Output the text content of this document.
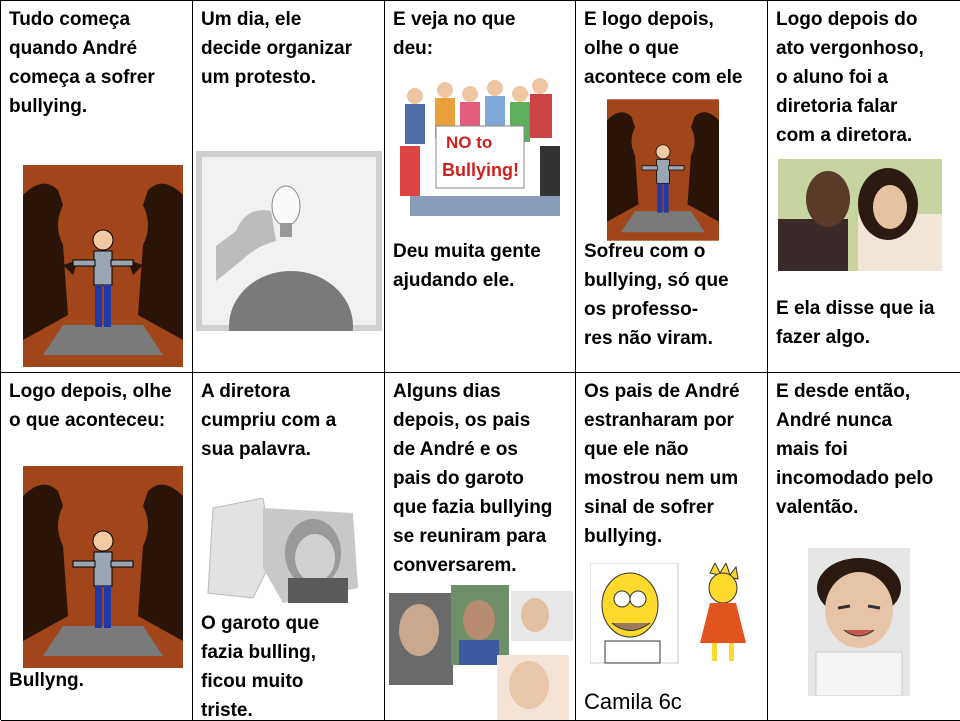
Tudo começa
quando André
começa a sofrer
bullying.
Um dia, ele
decide organizar
um protesto.
E veja no que
deu:
NO to
Bullying!
Deu muita gente
ajudando ele.
E logo depois,
olhe o que
acontece com ele
Sofreu com o
bullying, só que
os professo-
res não viram.
Logo depois do
ato vergonhoso,
o aluno foi a
diretoria falar
com a diretora.
E ela disse que ia
fazer algo.
Logo depois, olhe
o que aconteceu:
Bullyng.
A diretora
cumpriu com a
sua palavra.
O garoto que
fazia bulling,
ficou muito
triste.
Alguns dias
depois, os pais
de André e os
pais do garoto
que fazia bullying
se reuniram para
conversarem.
Os pais de André
estranharam por
que ele não
mostrou nem um
sinal de sofrer
bullying.
Camila 6c
E desde então,
André nunca
mais foi
incomodado pelo
valentão.
